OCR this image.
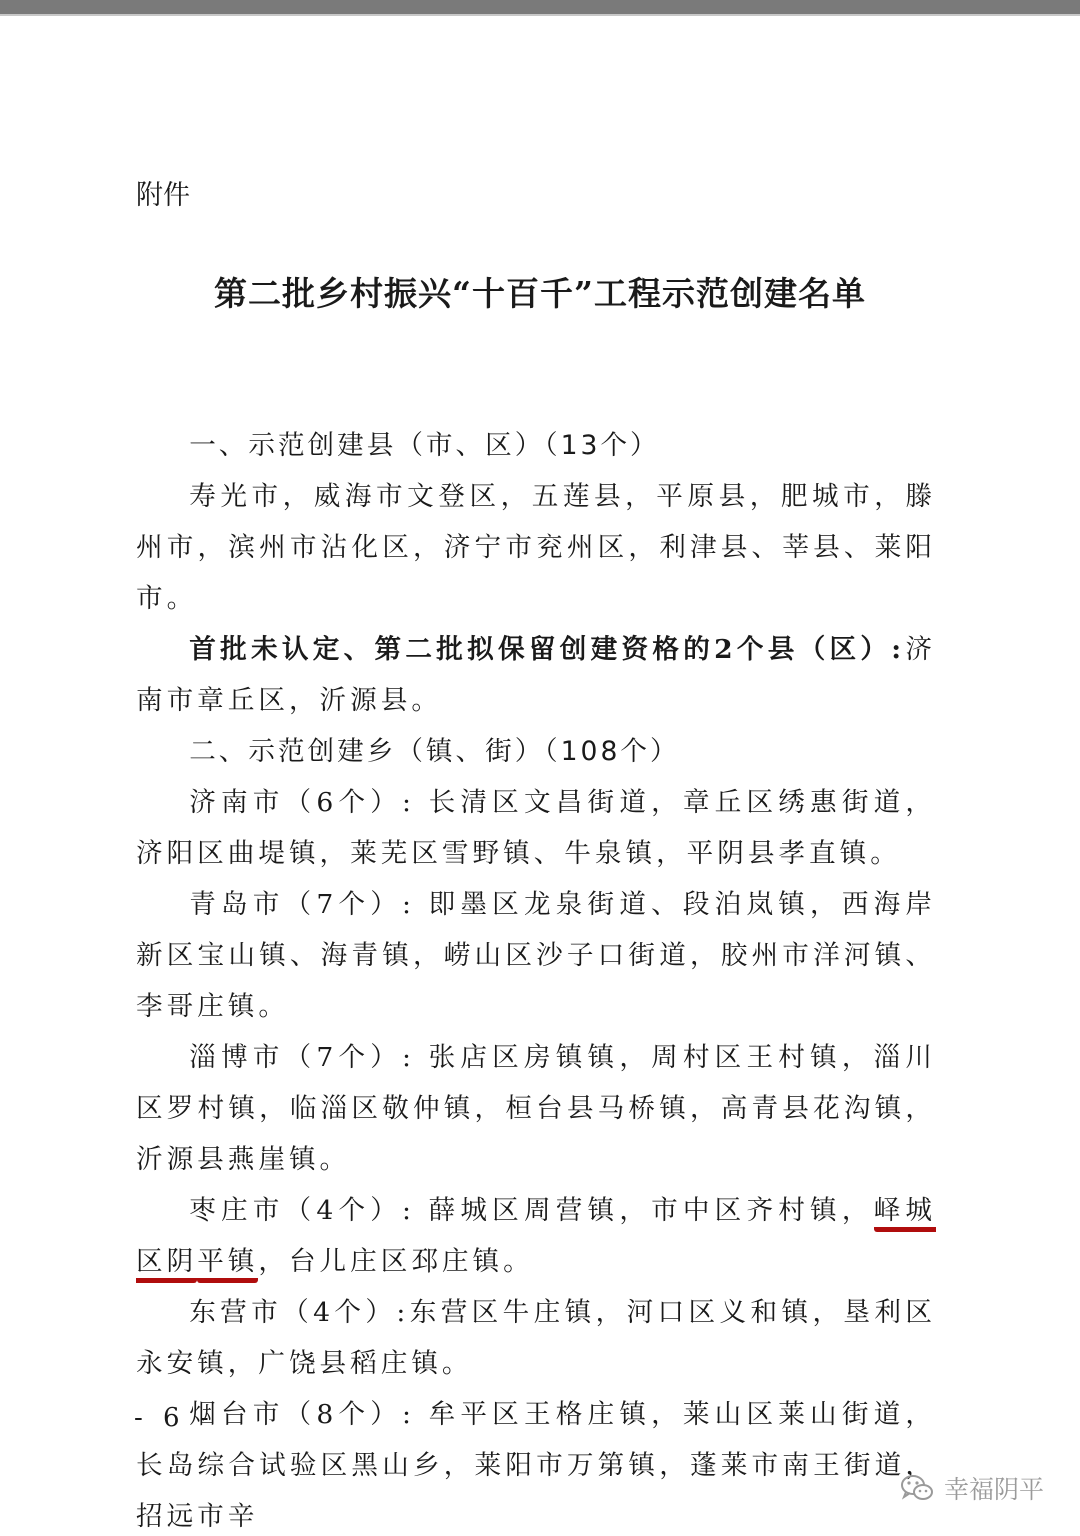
附件
第二批乡村振兴“十百千”工程示范创建名单

一、示范创建县（市、区）（13个）

寿光市，威海市文登区，五莲县，平原县，肥城市，滕州市，滨州市沾化区，济宁市兖州区，利津县、莘县、莱阳市。

首批未认定、第二批拟保留创建资格的2个县（区）:济南市章丘区，沂源县。

二、示范创建乡（镇、街）（108个）

济南市（6个）: 长清区文昌街道，章丘区绣惠街道，济阳区曲堤镇，莱芜区雪野镇、牛泉镇，平阴县孝直镇。

青岛市（7个）: 即墨区龙泉街道、段泊岚镇，西海岸新区宝山镇、海青镇，崂山区沙子口街道，胶州市洋河镇、李哥庄镇。

淄博市（7个）: 张店区房镇镇，周村区王村镇，淄川区罗村镇，临淄区敬仲镇，桓台县马桥镇，高青县花沟镇，沂源县燕崖镇。

枣庄市（4个）: 薛城区周营镇，市中区齐村镇，峄城区阴平镇，台儿庄区邳庄镇。

东营市（4个）:东营区牛庄镇，河口区义和镇，垦利区永安镇，广饶县稻庄镇。

烟台市（8个）: 牟平区王格庄镇，莱山区莱山街道，长岛综合试验区黑山乡，莱阳市万第镇，蓬莱市南王街道，招远市辛

- 6 -
幸福阴平
